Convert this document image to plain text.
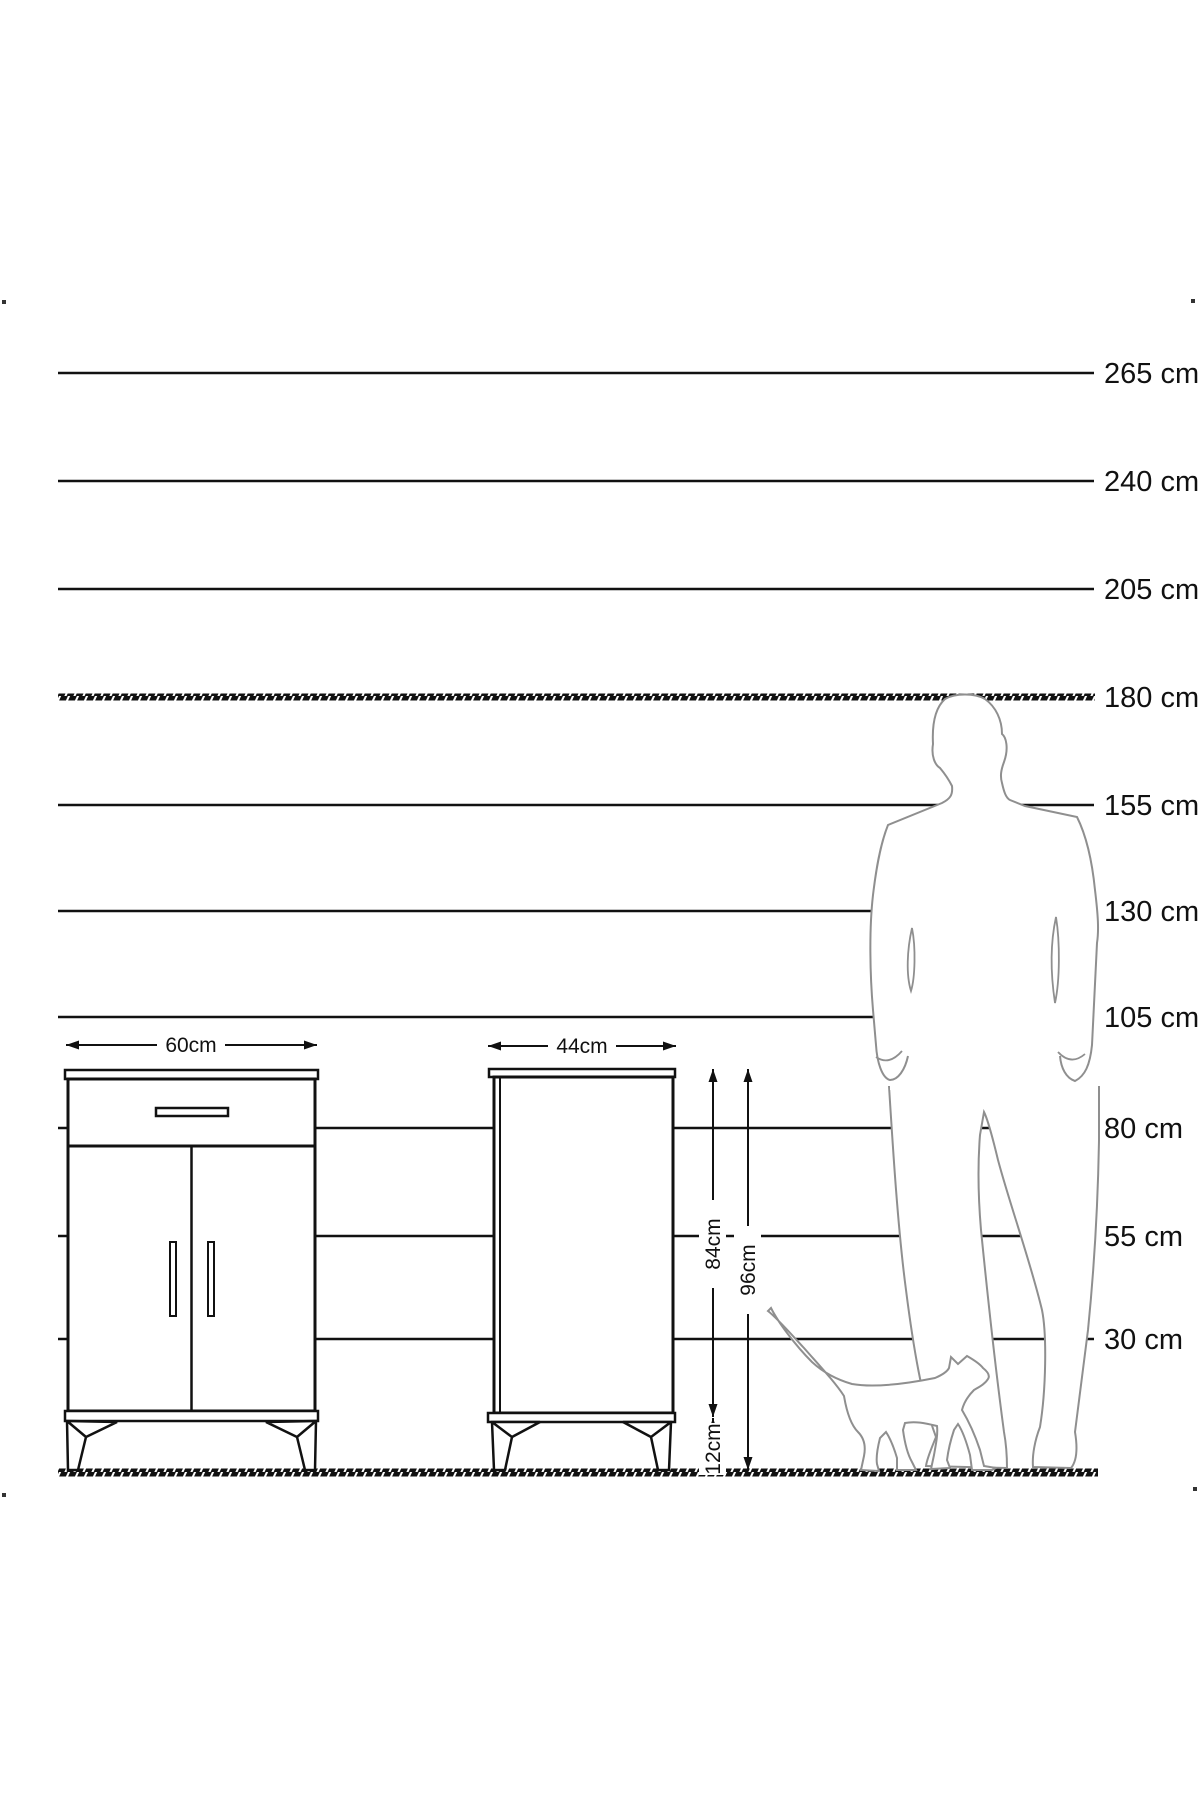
265 cm
240 cm
205 cm
180 cm
155 cm
130 cm
105 cm
80 cm
55 cm
30 cm
60cm	44cm
84cm
96cm
12cm
